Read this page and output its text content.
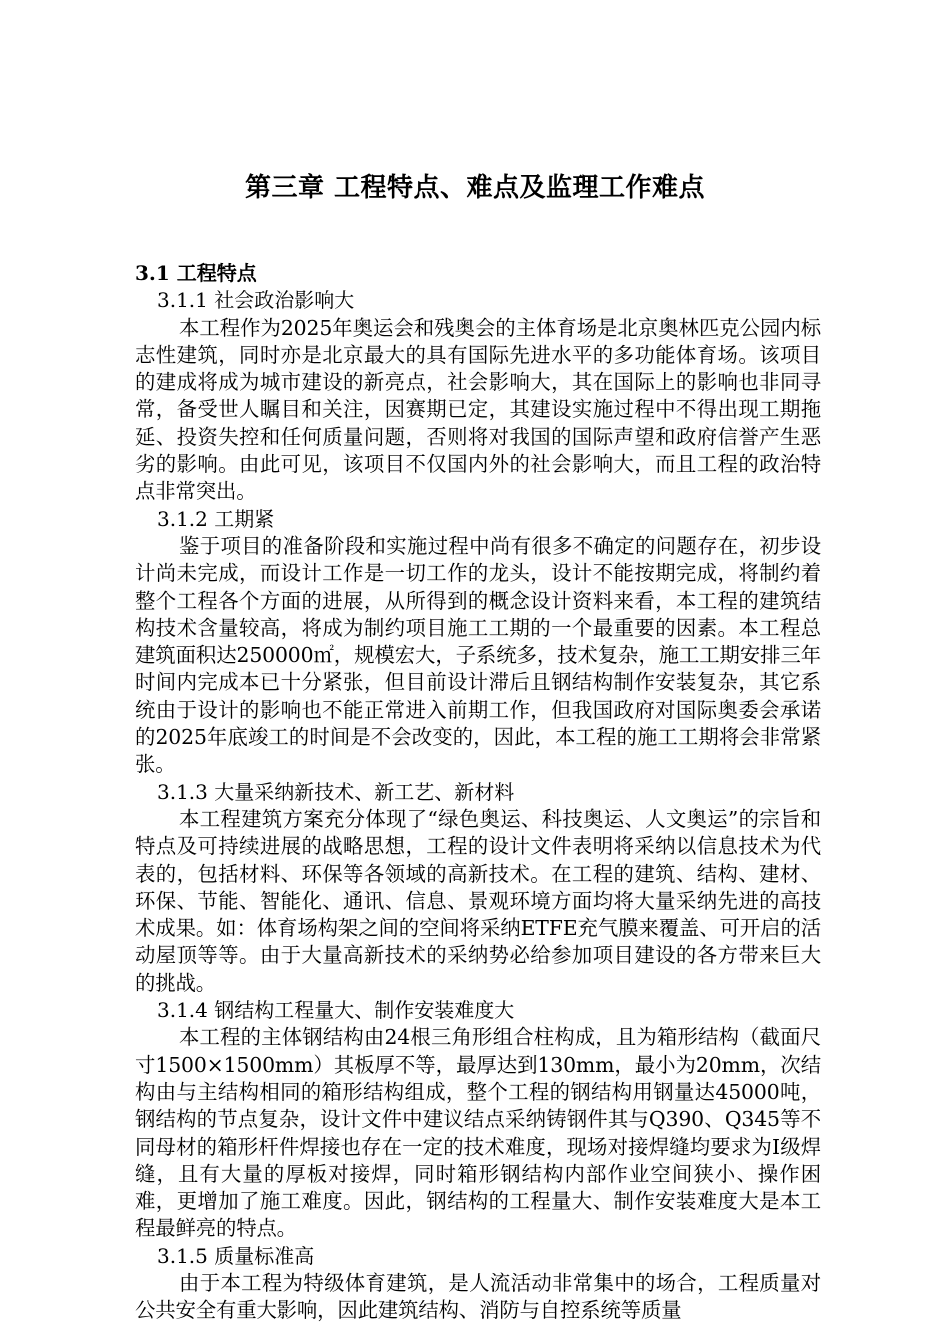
第三章 工程特点、难点及监理工作难点

3.1 工程特点

3.1.1 社会政治影响大

本工程作为2025年奥运会和残奥会的主体育场是北京奥林匹克公园内标志性建筑，同时亦是北京最大的具有国际先进水平的多功能体育场。该项目的建成将成为城市建设的新亮点，社会影响大，其在国际上的影响也非同寻常，备受世人瞩目和关注，因赛期已定，其建设实施过程中不得出现工期拖延、投资失控和任何质量问题，否则将对我国的国际声望和政府信誉产生恶劣的影响。由此可见，该项目不仅国内外的社会影响大，而且工程的政治特点非常突出。

3.1.2 工期紧

鉴于项目的准备阶段和实施过程中尚有很多不确定的问题存在，初步设计尚未完成，而设计工作是一切工作的龙头，设计不能按期完成，将制约着整个工程各个方面的进展，从所得到的概念设计资料来看，本工程的建筑结构技术含量较高，将成为制约项目施工工期的一个最重要的因素。本工程总建筑面积达250000㎡，规模宏大，子系统多，技术复杂，施工工期安排三年时间内完成本已十分紧张，但目前设计滞后且钢结构制作安装复杂，其它系统由于设计的影响也不能正常进入前期工作，但我国政府对国际奥委会承诺的2025年底竣工的时间是不会改变的，因此，本工程的施工工期将会非常紧张。

3.1.3 大量采纳新技术、新工艺、新材料

本工程建筑方案充分体现了“绿色奥运、科技奥运、人文奥运”的宗旨和特点及可持续进展的战略思想，工程的设计文件表明将采纳以信息技术为代表的，包括材料、环保等各领域的高新技术。在工程的建筑、结构、建材、环保、节能、智能化、通讯、信息、景观环境方面均将大量采纳先进的高技术成果。如：体育场构架之间的空间将采纳ETFE充气膜来覆盖、可开启的活动屋顶等等。由于大量高新技术的采纳势必给参加项目建设的各方带来巨大的挑战。

3.1.4 钢结构工程量大、制作安装难度大

本工程的主体钢结构由24根三角形组合柱构成，且为箱形结构（截面尺寸1500×1500mm）其板厚不等，最厚达到130mm，最小为20mm，次结构由与主结构相同的箱形结构组成，整个工程的钢结构用钢量达45000吨，钢结构的节点复杂，设计文件中建议结点采纳铸钢件其与Q390、Q345等不同母材的箱形杆件焊接也存在一定的技术难度，现场对接焊缝均要求为I级焊缝，且有大量的厚板对接焊，同时箱形钢结构内部作业空间狭小、操作困难，更增加了施工难度。因此，钢结构的工程量大、制作安装难度大是本工程最鲜亮的特点。

3.1.5 质量标准高

由于本工程为特级体育建筑，是人流活动非常集中的场合，工程质量对公共安全有重大影响，因此建筑结构、消防与自控系统等质量
